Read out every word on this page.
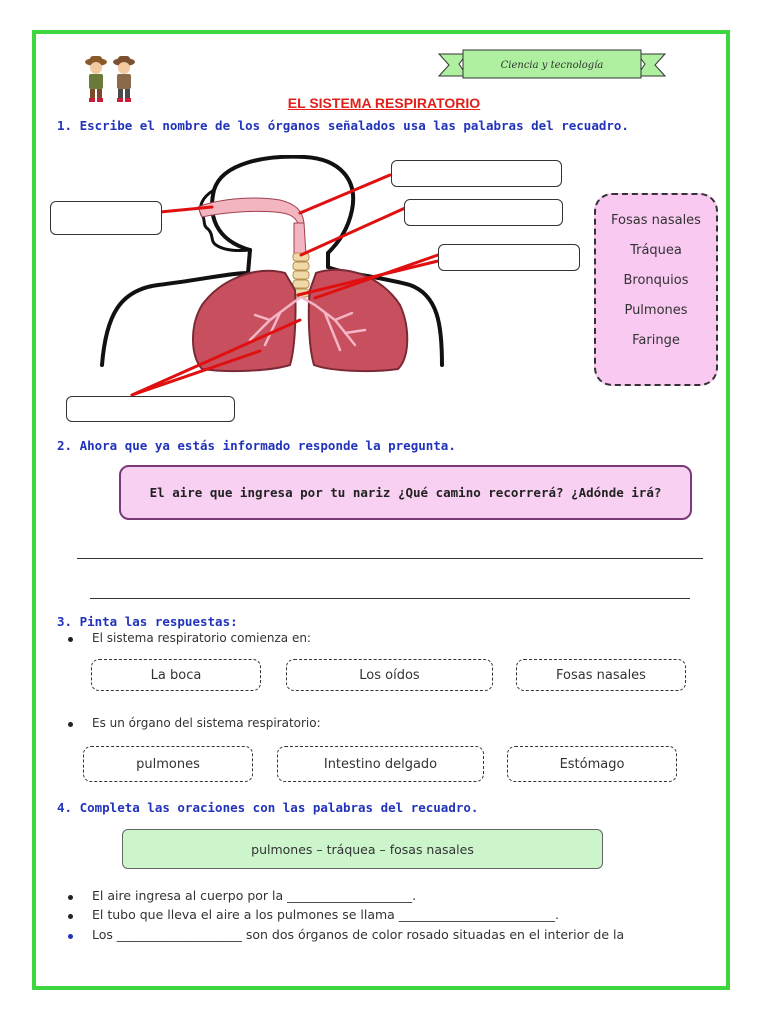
Ciencia y tecnología
EL SISTEMA RESPIRATORIO
1. Escribe el nombre de los órganos señalados usa las palabras del recuadro.
Fosas nasales
Tráquea
Bronquios
Pulmones
Faringe
2. Ahora que ya estás informado responde la pregunta.
El aire que ingresa por tu nariz ¿Qué camino recorrerá? ¿Adónde irá?
3. Pinta las respuestas:
El sistema respiratorio comienza en:
La boca	Los oídos	Fosas nasales
Es un órgano del sistema respiratorio:
pulmones	Intestino delgado	Estómago
4. Completa las oraciones con las palabras del recuadro.
pulmones – tráquea – fosas nasales
El aire ingresa al cuerpo por la ____________________.
El tubo que lleva el aire a los pulmones se llama _________________________.
Los ____________________ son dos órganos de color rosado situadas en el interior de la
